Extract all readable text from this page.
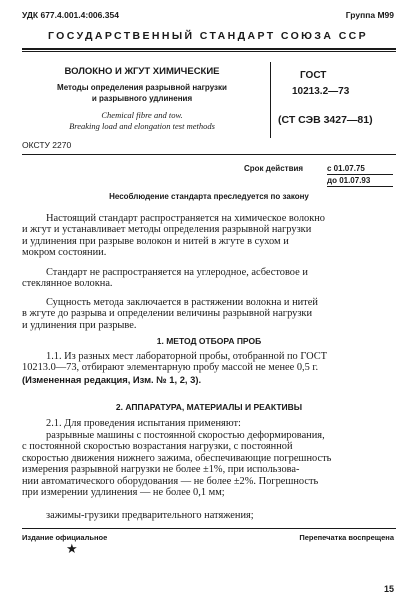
УДК 677.4.001.4:006.354	Группа М99
ГОСУДАРСТВЕННЫЙ СТАНДАРТ СОЮЗА ССР
ВОЛОКНО И ЖГУТ ХИМИЧЕСКИЕ
Методы определения разрывной нагрузки
и разрывного удлинения
Chemical fibre and tow.
Breaking load and elongation test methods
ГОСТ
10213.2—73
(СТ СЭВ 3427—81)
ОКСТУ 2270
Срок действия	с 01.07.75
до 01.07.93
Несоблюдение стандарта преследуется по закону
Настоящий стандарт распространяется на химическое волокно
и жгут и устанавливает методы определения разрывной нагрузки
и удлинения при разрыве волокон и нитей в жгуте в сухом и
мокром состоянии.
Стандарт не распространяется на углеродное, асбестовое и
стеклянное волокна.
Сущность метода заключается в растяжении волокна и нитей
в жгуте до разрыва и определении величины разрывной нагрузки
и удлинения при разрыве.
1. МЕТОД ОТБОРА ПРОБ
1.1. Из разных мест лабораторной пробы, отобранной по ГОСТ
10213.0—73, отбирают элементарную пробу массой не менее 0,5 г.
(Измененная редакция, Изм. № 1, 2, 3).
2. АППАРАТУРА, МАТЕРИАЛЫ И РЕАКТИВЫ
2.1. Для проведения испытания применяют:
разрывные машины с постоянной скоростью деформирования,
с постоянной скоростью возрастания нагрузки, с постоянной
скоростью движения нижнего зажима, обеспечивающие погрешность
измерения разрывной нагрузки не более ±1%, при использова-
нии автоматического оборудования — не более ±2%. Погрешность
при измерении удлинения — не более 0,1 мм;
зажимы-грузики предварительного натяжения;
Издание официальное	Перепечатка воспрещена
★
15
